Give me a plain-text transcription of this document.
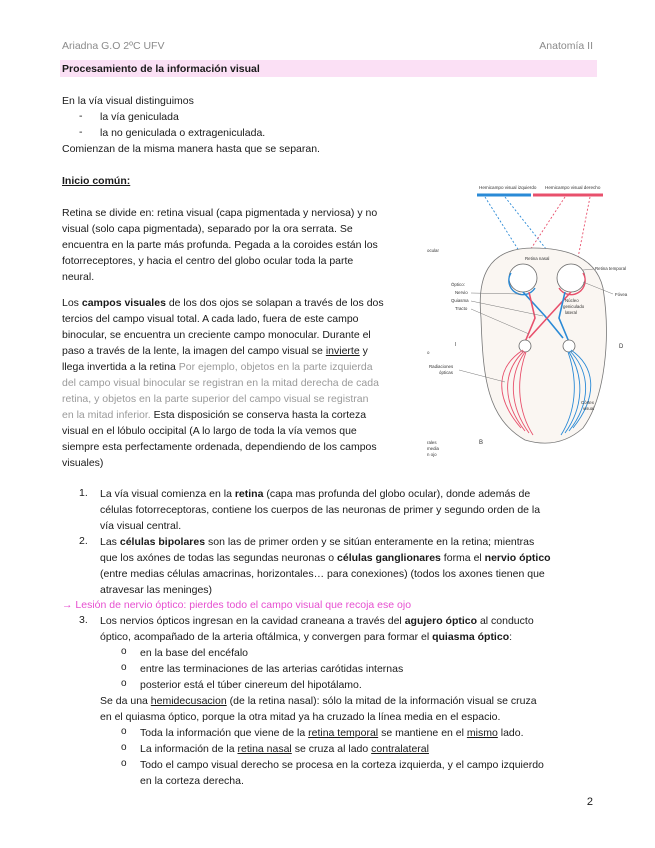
Ariadna G.O 2ºC UFV	Anatomía II
Procesamiento de la información visual
En la vía visual distinguimos
- la vía geniculada
- la no geniculada o extrageniculada.
Comienzan de la misma manera hasta que se separan.
Inicio común:
Retina se divide en: retina visual (capa pigmentada y nerviosa) y no
visual (solo capa pigmentada), separado por la ora serrata. Se
encuentra en la parte más profunda. Pegada a la coroides están los
fotorreceptores, y hacia el centro del globo ocular toda la parte
neural.
Los campos visuales de los dos ojos se solapan a través de los dos
tercios del campo visual total. A cada lado, fuera de este campo
binocular, se encuentra un creciente campo monocular. Durante el
paso a través de la lente, la imagen del campo visual se invierte y
llega invertida a la retina Por ejemplo, objetos en la parte izquierda
del campo visual binocular se registran en la mitad derecha de cada
retina, y objetos en la parte superior del campo visual se registran
en la mitad inferior. Esta disposición se conserva hasta la corteza
visual en el lóbulo occipital (A lo largo de toda la vía vemos que
siempre esta perfectamente ordenada, dependiendo de los campos
visuales)
Hemicampo visual izquierdo Hemicampo visual derecho
Retina nasal
Retina temporal
Fóvea
Óptico:
Nervio
Quiasma
Tracto
Núcleo
geniculado
lateral
Radiaciones
ópticas
Córtex
visual
B
D
I
ocular
o
rales
media
n ojo
1. La vía visual comienza en la retina (capa mas profunda del globo ocular), donde además de
células fotorreceptoras, contiene los cuerpos de las neuronas de primer y segundo orden de la
vía visual central.
2. Las células bipolares son las de primer orden y se sitúan enteramente en la retina; mientras
que los axónes de todas las segundas neuronas o células ganglionares forma el nervio óptico
(entre medias células amacrinas, horizontales… para conexiones) (todos los axones tienen que
atravesar las meninges)
→ Lesión de nervio óptico: pierdes todo el campo visual que recoja ese ojo
3. Los nervios ópticos ingresan en la cavidad craneana a través del agujero óptico al conducto
óptico, acompañado de la arteria oftálmica, y convergen para formar el quiasma óptico:
o en la base del encéfalo
o entre las terminaciones de las arterias carótidas internas
o posterior está el túber cinereum del hipotálamo.
Se da una hemidecusacion (de la retina nasal): sólo la mitad de la información visual se cruza
en el quiasma óptico, porque la otra mitad ya ha cruzado la línea media en el espacio.
o Toda la información que viene de la retina temporal se mantiene en el mismo lado.
o La información de la retina nasal se cruza al lado contralateral
o Todo el campo visual derecho se procesa en la corteza izquierda, y el campo izquierdo
en la corteza derecha.
2
